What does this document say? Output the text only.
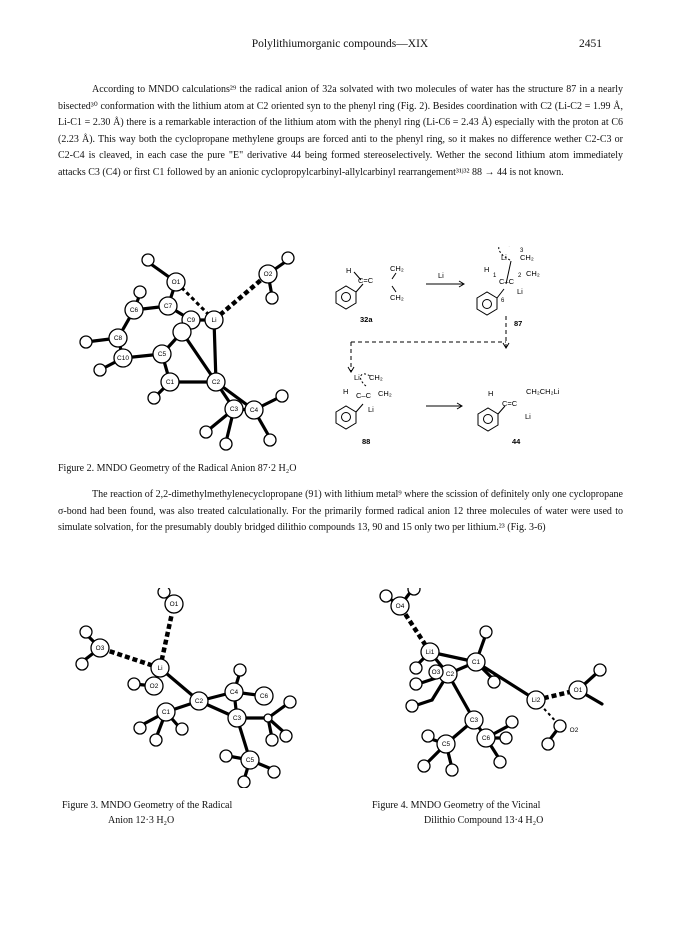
Polylithiumorganic compounds—XIX	2451

According to MNDO calculations²⁹ the radical anion of 32a solvated with two molecules of water has the structure 87 in a nearly bisected³⁰ conformation with the lithium atom at C2 oriented syn to the phenyl ring (Fig. 2). Besides coordination with C2 (Li-C2 = 1.99 Å, Li-C1 = 2.30 Å) there is a remarkable interaction of the lithium atom with the phenyl ring (Li-C6 = 2.43 Å) especially with the proton at C6 (2.23 Å). This way both the cyclopropane methylene groups are forced anti to the phenyl ring, so it makes no difference wether C2-C3 or C2-C4 is cleaved, in each case the pure "E" derivative 44 being formed stereoselectively. Wether the second lithium atom immediately attacks C3 (C4) or first C1 followed by an anionic cyclopropylcarbinyl-allylcarbinyl rearrangement³¹ʲ³² 88 → 44 is not known.

O1
O2
C6
C7
Li
C8
C9
C10
C5
C1	C2
C3 C4
H	CH₂
C=C
CH₂
32a
Li
Li CH₂
3
H
1
C–C
2 CH₂
6
Li
87
Li CH₂
H C–C CH₂
Li
88
H	CH₂CH₂Li
C=C
Li
44

Figure 2. MNDO Geometry of the Radical Anion 87·2 H₂O

The reaction of 2,2-dimethylmethylenecyclopropane (91) with lithium metal⁹ where the scission of definitely only one cyclopropane σ-bond had been found, was also treated calculationally. For the primarily formed radical anion 12 three molecules of water were used to simulate solvation, for the presumably doubly bridged dilithio compounds 13, 90 and 15 only two per lithium.²³ (Fig. 3-6)

O1
O3
Li
O2
C4
C6
C2
C3
C1
C5
O4
Li1
C1
O3 C2
Li2
O1
O2
C3
C6
C5

Figure 3. MNDO Geometry of the Radical
Anion 12·3 H₂O

Figure 4. MNDO Geometry of the Vicinal
Dilithio Compound 13·4 H₂O
